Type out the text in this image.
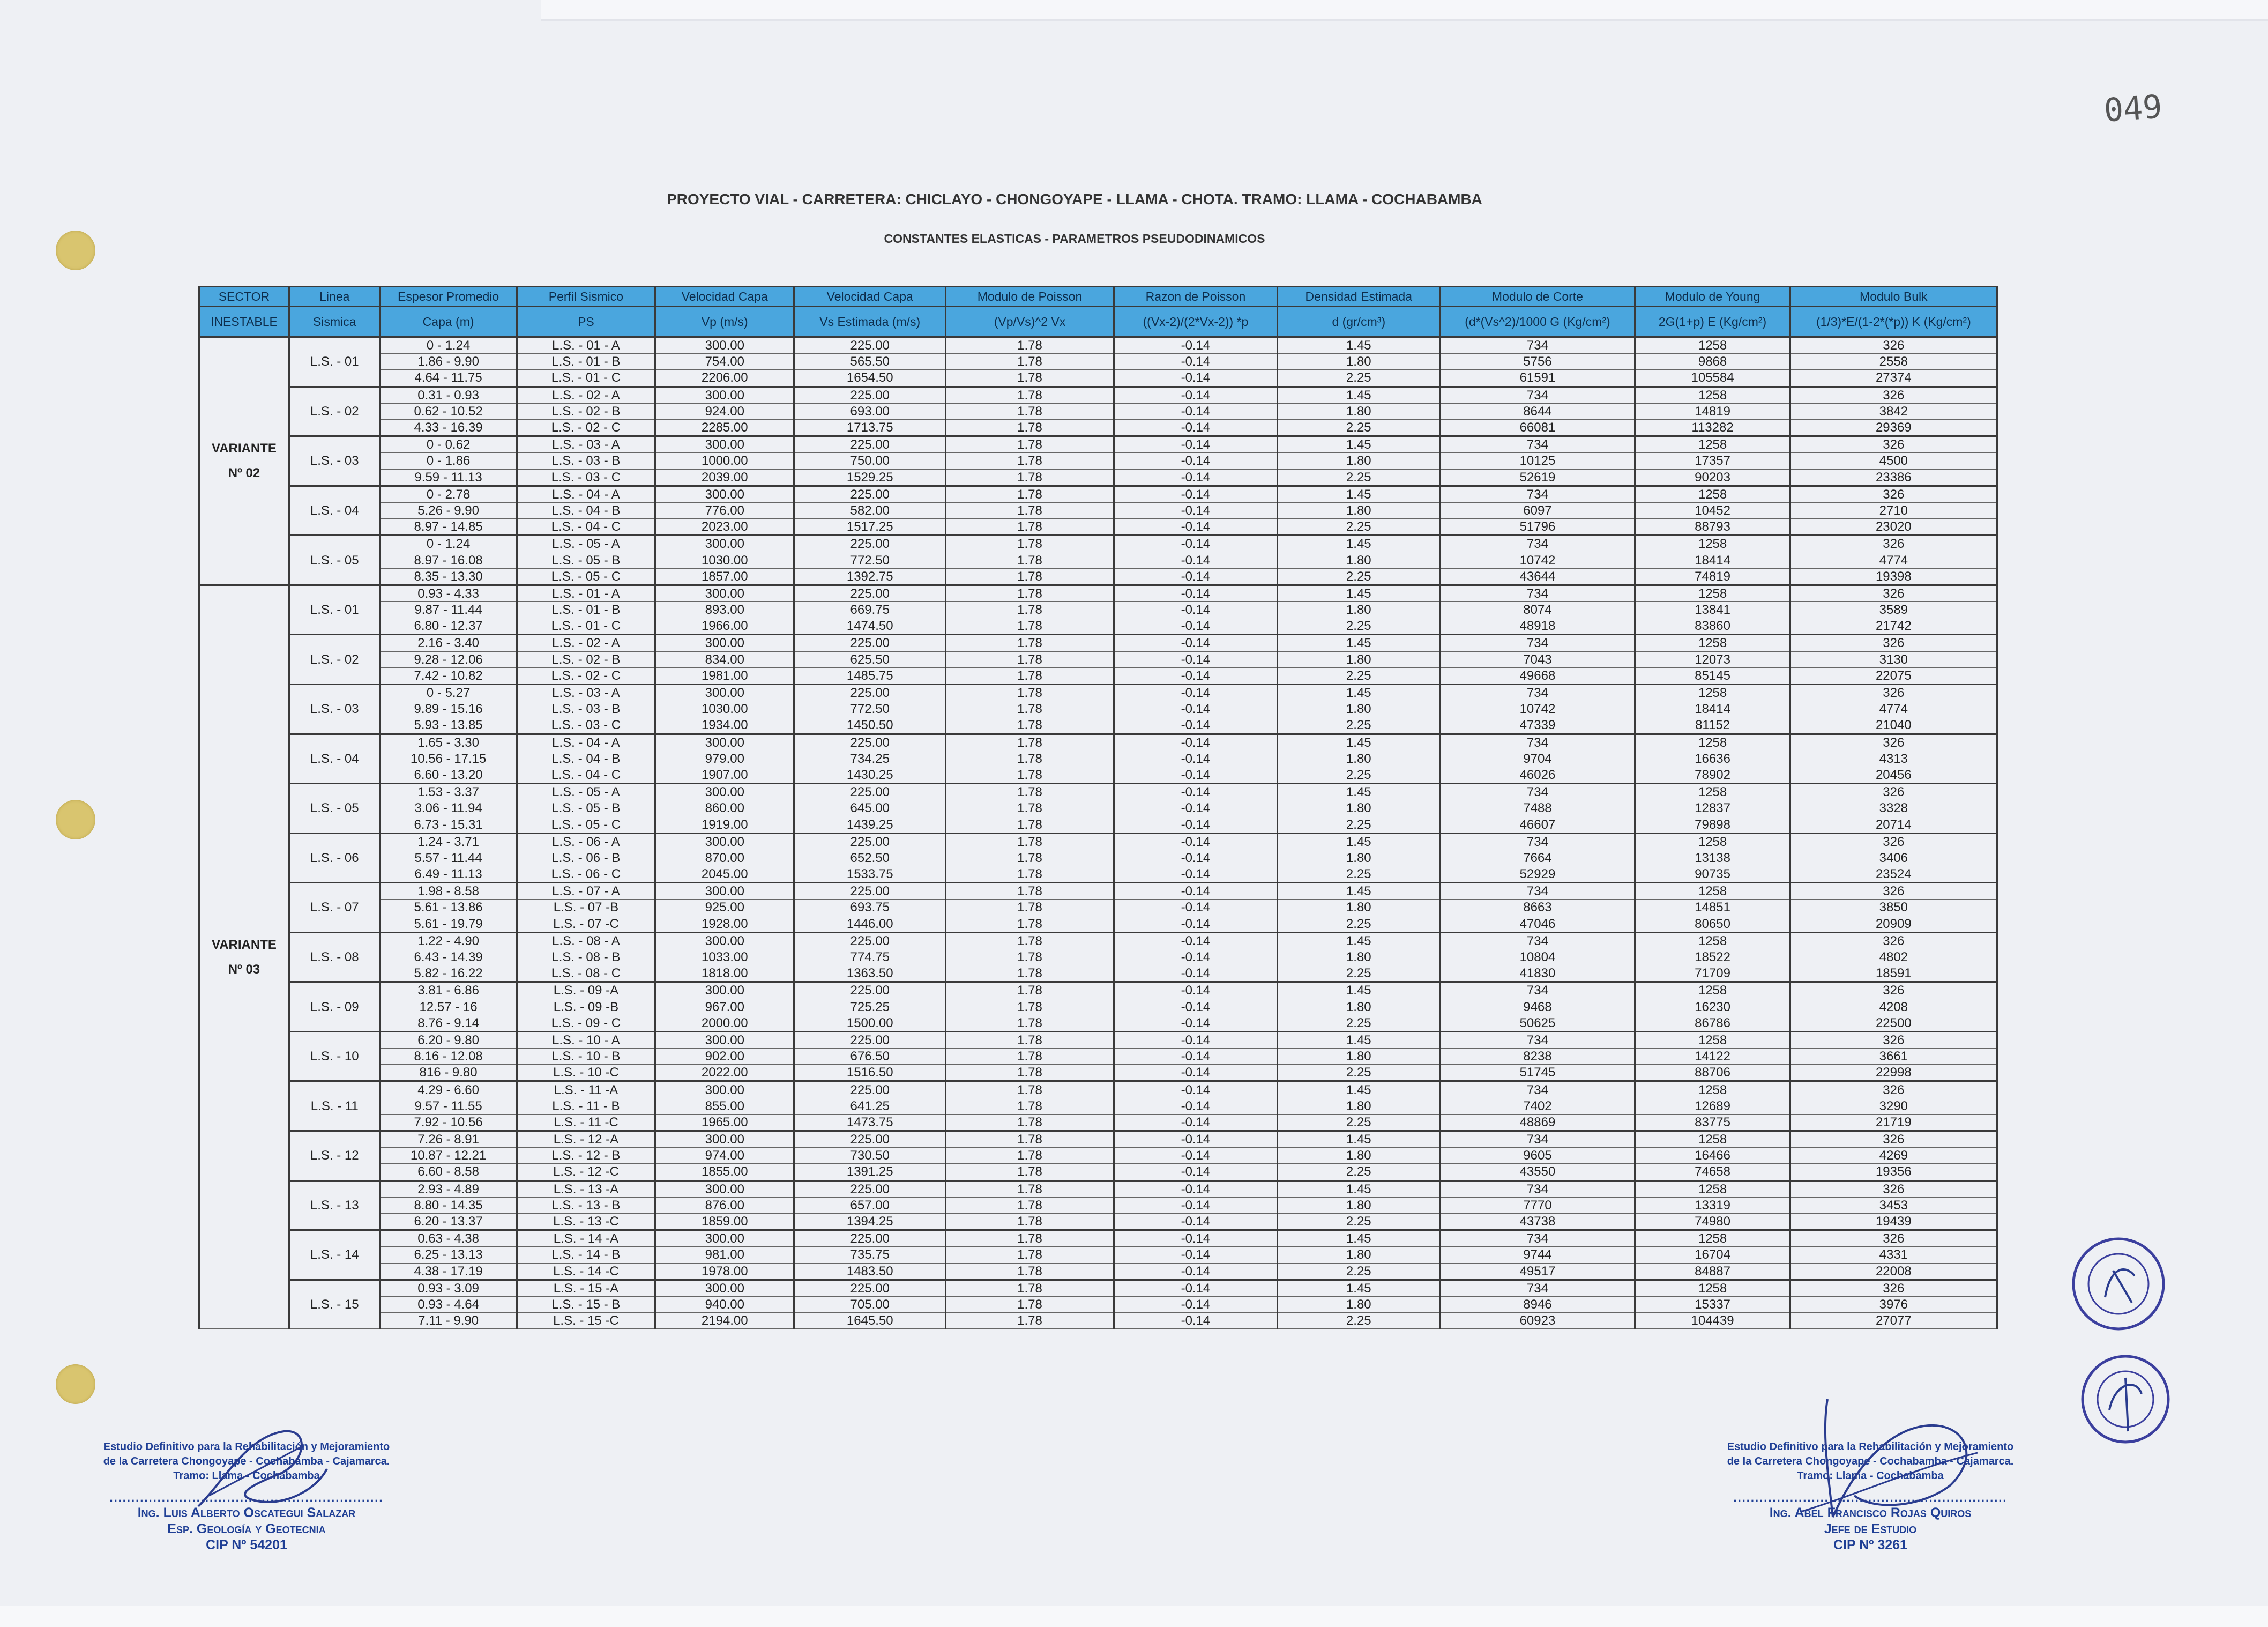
049
PROYECTO VIAL - CARRETERA: CHICLAYO - CHONGOYAPE - LLAMA - CHOTA. TRAMO: LLAMA - COCHABAMBA
CONSTANTES ELASTICAS - PARAMETROS PSEUDODINAMICOS
SECTOR	Linea	Espesor Promedio	Perfil Sismico	Velocidad Capa	Velocidad Capa	Modulo de Poisson	Razon de Poisson	Densidad Estimada	Modulo de Corte	Modulo de Young	Modulo Bulk
INESTABLE	Sismica	Capa (m)	PS	Vp (m/s)	Vs Estimada (m/s)	(Vp/Vs)^2 Vx	((Vx-2)/(2*Vx-2)) *p	d (gr/cm³)	(d*(Vs^2)/1000 G (Kg/cm²)	2G(1+p) E (Kg/cm²)	(1/3)*E/(1-2*(*p)) K (Kg/cm²)
VARIANTE
Nº 02	L.S. - 01	0 - 1.24	L.S. - 01 - A	300.00	225.00	1.78	-0.14	1.45	734	1258	326
		1.86 - 9.90	L.S. - 01 - B	754.00	565.50	1.78	-0.14	1.80	5756	9868	2558
		4.64 - 11.75	L.S. - 01 - C	2206.00	1654.50	1.78	-0.14	2.25	61591	105584	27374
	L.S. - 02	0.31 - 0.93	L.S. - 02 - A	300.00	225.00	1.78	-0.14	1.45	734	1258	326
		0.62 - 10.52	L.S. - 02 - B	924.00	693.00	1.78	-0.14	1.80	8644	14819	3842
		4.33 - 16.39	L.S. - 02 - C	2285.00	1713.75	1.78	-0.14	2.25	66081	113282	29369
	L.S. - 03	0 - 0.62	L.S. - 03 - A	300.00	225.00	1.78	-0.14	1.45	734	1258	326
		0 - 1.86	L.S. - 03 - B	1000.00	750.00	1.78	-0.14	1.80	10125	17357	4500
		9.59 - 11.13	L.S. - 03 - C	2039.00	1529.25	1.78	-0.14	2.25	52619	90203	23386
	L.S. - 04	0 - 2.78	L.S. - 04 - A	300.00	225.00	1.78	-0.14	1.45	734	1258	326
		5.26 - 9.90	L.S. - 04 - B	776.00	582.00	1.78	-0.14	1.80	6097	10452	2710
		8.97 - 14.85	L.S. - 04 - C	2023.00	1517.25	1.78	-0.14	2.25	51796	88793	23020
	L.S. - 05	0 - 1.24	L.S. - 05 - A	300.00	225.00	1.78	-0.14	1.45	734	1258	326
		8.97 - 16.08	L.S. - 05 - B	1030.00	772.50	1.78	-0.14	1.80	10742	18414	4774
		8.35 - 13.30	L.S. - 05 - C	1857.00	1392.75	1.78	-0.14	2.25	43644	74819	19398
VARIANTE
Nº 03	L.S. - 01	0.93 - 4.33	L.S. - 01 - A	300.00	225.00	1.78	-0.14	1.45	734	1258	326
		9.87 - 11.44	L.S. - 01 - B	893.00	669.75	1.78	-0.14	1.80	8074	13841	3589
		6.80 - 12.37	L.S. - 01 - C	1966.00	1474.50	1.78	-0.14	2.25	48918	83860	21742
	L.S. - 02	2.16 - 3.40	L.S. - 02 - A	300.00	225.00	1.78	-0.14	1.45	734	1258	326
		9.28 - 12.06	L.S. - 02 - B	834.00	625.50	1.78	-0.14	1.80	7043	12073	3130
		7.42 - 10.82	L.S. - 02 - C	1981.00	1485.75	1.78	-0.14	2.25	49668	85145	22075
	L.S. - 03	0 - 5.27	L.S. - 03 - A	300.00	225.00	1.78	-0.14	1.45	734	1258	326
		9.89 - 15.16	L.S. - 03 - B	1030.00	772.50	1.78	-0.14	1.80	10742	18414	4774
		5.93 - 13.85	L.S. - 03 - C	1934.00	1450.50	1.78	-0.14	2.25	47339	81152	21040
	L.S. - 04	1.65 - 3.30	L.S. - 04 - A	300.00	225.00	1.78	-0.14	1.45	734	1258	326
		10.56 - 17.15	L.S. - 04 - B	979.00	734.25	1.78	-0.14	1.80	9704	16636	4313
		6.60 - 13.20	L.S. - 04 - C	1907.00	1430.25	1.78	-0.14	2.25	46026	78902	20456
	L.S. - 05	1.53 - 3.37	L.S. - 05 - A	300.00	225.00	1.78	-0.14	1.45	734	1258	326
		3.06 - 11.94	L.S. - 05 - B	860.00	645.00	1.78	-0.14	1.80	7488	12837	3328
		6.73 - 15.31	L.S. - 05 - C	1919.00	1439.25	1.78	-0.14	2.25	46607	79898	20714
	L.S. - 06	1.24 - 3.71	L.S. - 06 - A	300.00	225.00	1.78	-0.14	1.45	734	1258	326
		5.57 - 11.44	L.S. - 06 - B	870.00	652.50	1.78	-0.14	1.80	7664	13138	3406
		6.49 - 11.13	L.S. - 06 - C	2045.00	1533.75	1.78	-0.14	2.25	52929	90735	23524
	L.S. - 07	1.98 - 8.58	L.S. - 07 - A	300.00	225.00	1.78	-0.14	1.45	734	1258	326
		5.61 - 13.86	L.S. - 07 -B	925.00	693.75	1.78	-0.14	1.80	8663	14851	3850
		5.61 - 19.79	L.S. - 07 -C	1928.00	1446.00	1.78	-0.14	2.25	47046	80650	20909
	L.S. - 08	1.22 - 4.90	L.S. - 08 - A	300.00	225.00	1.78	-0.14	1.45	734	1258	326
		6.43 - 14.39	L.S. - 08 - B	1033.00	774.75	1.78	-0.14	1.80	10804	18522	4802
		5.82 - 16.22	L.S. - 08 - C	1818.00	1363.50	1.78	-0.14	2.25	41830	71709	18591
	L.S. - 09	3.81 - 6.86	L.S. - 09 -A	300.00	225.00	1.78	-0.14	1.45	734	1258	326
		12.57 - 16	L.S. - 09 -B	967.00	725.25	1.78	-0.14	1.80	9468	16230	4208
		8.76 - 9.14	L.S. - 09 - C	2000.00	1500.00	1.78	-0.14	2.25	50625	86786	22500
	L.S. - 10	6.20 - 9.80	L.S. - 10 - A	300.00	225.00	1.78	-0.14	1.45	734	1258	326
		8.16 - 12.08	L.S. - 10 - B	902.00	676.50	1.78	-0.14	1.80	8238	14122	3661
		816 - 9.80	L.S. - 10 -C	2022.00	1516.50	1.78	-0.14	2.25	51745	88706	22998
	L.S. - 11	4.29 - 6.60	L.S. - 11 -A	300.00	225.00	1.78	-0.14	1.45	734	1258	326
		9.57 - 11.55	L.S. - 11 - B	855.00	641.25	1.78	-0.14	1.80	7402	12689	3290
		7.92 - 10.56	L.S. - 11 -C	1965.00	1473.75	1.78	-0.14	2.25	48869	83775	21719
	L.S. - 12	7.26 - 8.91	L.S. - 12 -A	300.00	225.00	1.78	-0.14	1.45	734	1258	326
		10.87 - 12.21	L.S. - 12 - B	974.00	730.50	1.78	-0.14	1.80	9605	16466	4269
		6.60 - 8.58	L.S. - 12 -C	1855.00	1391.25	1.78	-0.14	2.25	43550	74658	19356
	L.S. - 13	2.93 - 4.89	L.S. - 13 -A	300.00	225.00	1.78	-0.14	1.45	734	1258	326
		8.80 - 14.35	L.S. - 13 - B	876.00	657.00	1.78	-0.14	1.80	7770	13319	3453
		6.20 - 13.37	L.S. - 13 -C	1859.00	1394.25	1.78	-0.14	2.25	43738	74980	19439
	L.S. - 14	0.63 - 4.38	L.S. - 14 -A	300.00	225.00	1.78	-0.14	1.45	734	1258	326
		6.25 - 13.13	L.S. - 14 - B	981.00	735.75	1.78	-0.14	1.80	9744	16704	4331
		4.38 - 17.19	L.S. - 14 -C	1978.00	1483.50	1.78	-0.14	2.25	49517	84887	22008
	L.S. - 15	0.93 - 3.09	L.S. - 15 -A	300.00	225.00	1.78	-0.14	1.45	734	1258	326
		0.93 - 4.64	L.S. - 15 - B	940.00	705.00	1.78	-0.14	1.80	8946	15337	3976
		7.11 - 9.90	L.S. - 15 -C	2194.00	1645.50	1.78	-0.14	2.25	60923	104439	27077
Estudio Definitivo para la Rehabilitación y Mejoramiento
de la Carretera Chongoyape - Cochabamba - Cajamarca.
Tramo: Llama - Cochabamba
...............................................................
Ing. Luis Alberto Oscategui Salazar
Esp. Geología y Geotecnia
CIP Nº 54201
Estudio Definitivo para la Rehabilitación y Mejoramiento
de la Carretera Chongoyape - Cochabamba - Cajamarca.
Tramo: Llama - Cochabamba
...............................................................
Ing. Abel Francisco Rojas Quiros
Jefe de Estudio
CIP Nº 3261
